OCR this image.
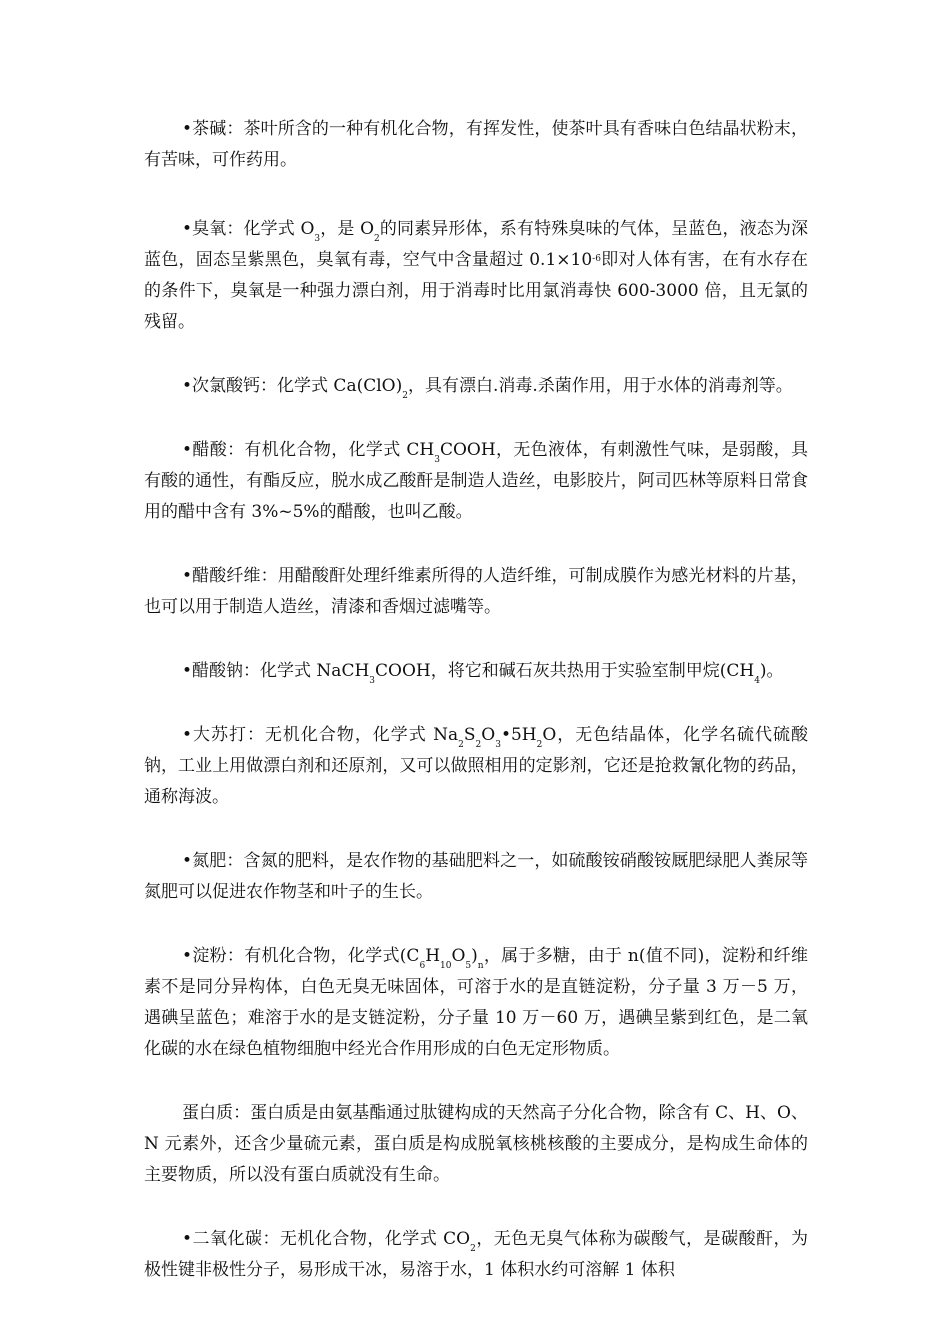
•茶碱：茶叶所含的一种有机化合物，有挥发性，使茶叶具有香味白色结晶状粉末，有苦味，可作药用。

•臭氧：化学式 $O_3$，是 $O_2$的同素异形体，系有特殊臭味的气体，呈蓝色，液态为深蓝色，固态呈紫黑色，臭氧有毒，空气中含量超过 $0.1\times 10^{-6}$即对人体有害，在有水存在的条件下，臭氧是一种强力漂白剂，用于消毒时比用氯消毒快 600-3000 倍，且无氯的残留。

•次氯酸钙：化学式 $Ca(ClO)_2$，具有漂白.消毒.杀菌作用，用于水体的消毒剂等。

•醋酸：有机化合物，化学式 $CH_3COOH$，无色液体，有刺激性气味，是弱酸，具有酸的通性，有酯反应，脱水成乙酸酐是制造人造丝，电影胶片，阿司匹林等原料日常食用的醋中含有 3%~5%的醋酸，也叫乙酸。

•醋酸纤维：用醋酸酐处理纤维素所得的人造纤维，可制成膜作为感光材料的片基，也可以用于制造人造丝，清漆和香烟过滤嘴等。

•醋酸钠：化学式 NaCH$_3$COOH，将它和碱石灰共热用于实验室制甲烷$(CH_4)$。

•大苏打：无机化合物，化学式 $Na_2S_2O_3•5H_2O$，无色结晶体，化学名硫代硫酸钠，工业上用做漂白剂和还原剂，又可以做照相用的定影剂，它还是抢救氰化物的药品，通称海波。

•氮肥：含氮的肥料，是农作物的基础肥料之一，如硫酸铵硝酸铵厩肥绿肥人粪尿等氮肥可以促进农作物茎和叶子的生长。

•淀粉：有机化合物，化学式$(C_6H_{10}O_5)_n$，属于多糖，由于 n(值不同)，淀粉和纤维素不是同分异构体，白色无臭无味固体，可溶于水的是直链淀粉，分子量 3 万－5 万，遇碘呈蓝色；难溶于水的是支链淀粉，分子量 10 万－60 万，遇碘呈紫到红色，是二氧化碳的水在绿色植物细胞中经光合作用形成的白色无定形物质。

蛋白质：蛋白质是由氨基酯通过肽键构成的天然高子分化合物，除含有 C、H、O、N 元素外，还含少量硫元素，蛋白质是构成脱氧核桃核酸的主要成分，是构成生命体的主要物质，所以没有蛋白质就没有生命。

•二氧化碳：无机化合物，化学式 $CO_2$，无色无臭气体称为碳酸气，是碳酸酐，为极性键非极性分子，易形成干冰，易溶于水，1 体积水约可溶解 1 体积
